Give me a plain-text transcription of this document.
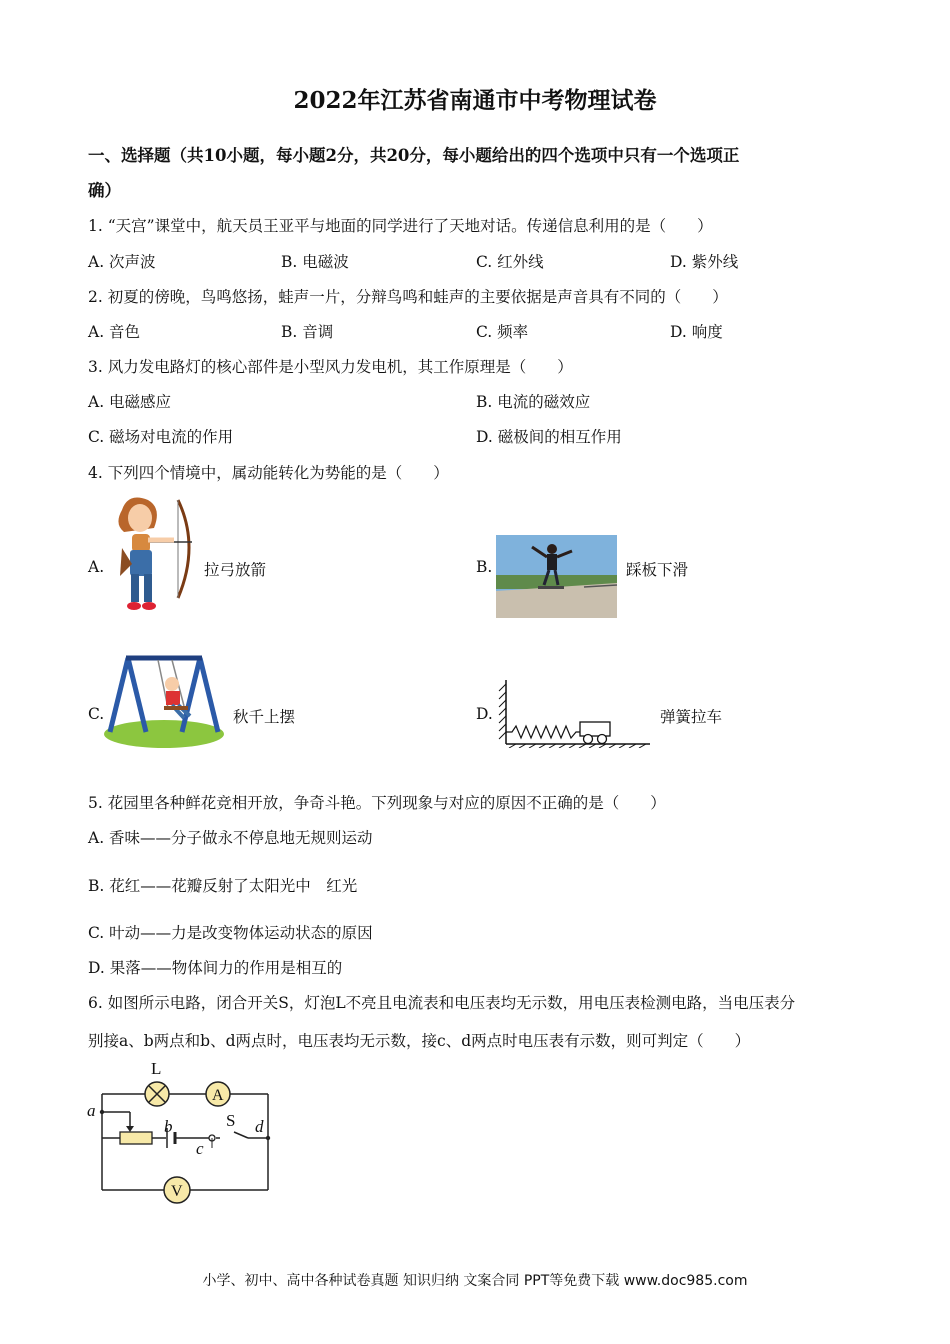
2022年江苏省南通市中考物理试卷
一、选择题（共10小题，每小题2分，共20分，每小题给出的四个选项中只有一个选项正
确）
1. “天宫”课堂中，航天员王亚平与地面的同学进行了天地对话。传递信息利用的是（　　）
A. 次声波	B. 电磁波	C. 红外线	D. 紫外线
2. 初夏的傍晚，鸟鸣悠扬，蛙声一片，分辩鸟鸣和蛙声的主要依据是声音具有不同的（　　）
A. 音色	B. 音调	C. 频率	D. 响度
3. 风力发电路灯的核心部件是小型风力发电机，其工作原理是（　　）
A. 电磁感应	B. 电流的磁效应
C. 磁场对电流的作用	D. 磁极间的相互作用
4. 下列四个情境中，属动能转化为势能的是（　　）
A.	拉弓放箭	B.	踩板下滑
C.	秋千上摆	D.	弹簧拉车
5. 花园里各种鲜花竞相开放，争奇斗艳。下列现象与对应的原因不正确的是（　　）
A. 香味——分子做永不停息地无规则运动
B. 花红——花瓣反射了太阳光中　红光
C. 叶动——力是改变物体运动状态的原因
D. 果落——物体间力的作用是相互的
6. 如图所示电路，闭合开关S，灯泡L不亮且电流表和电压表均无示数，用电压表检测电路，当电压表分
别接a、b两点和b、d两点时，电压表均无示数，接c、d两点时电压表有示数，则可判定（　　）
L
A
V
S
a
b
c
d
小学、初中、高中各种试卷真题 知识归纳 文案合同 PPT等免费下载 www.doc985.com
